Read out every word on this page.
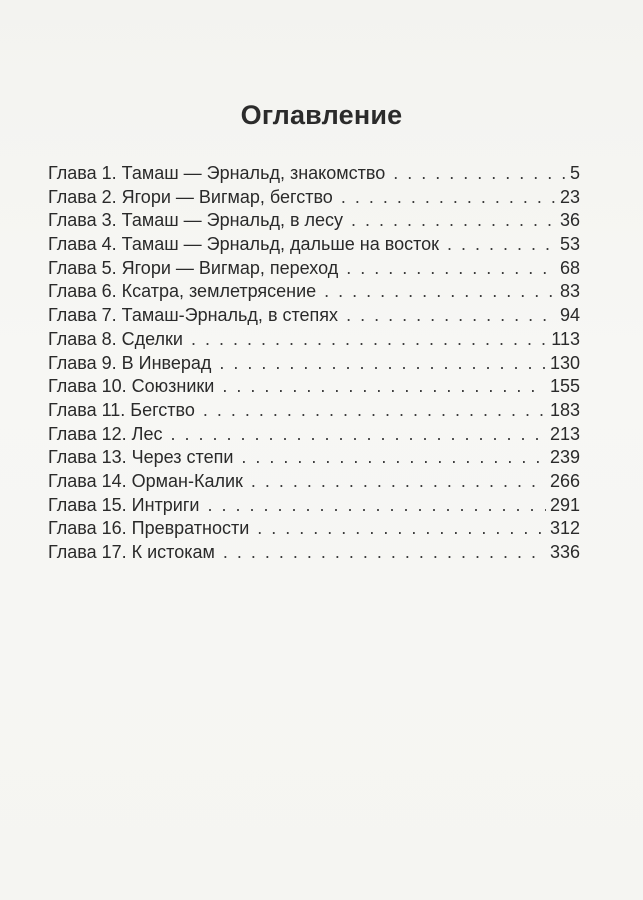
Оглавление
Глава 1. Тамаш — Эрнальд, знакомство . . .	5
Глава 2. Ягори — Вигмар, бегство . . .	23
Глава 3. Тамаш — Эрнальд, в лесу . . .	36
Глава 4. Тамаш — Эрнальд, дальше на восток . . .	53
Глава 5. Ягори — Вигмар, переход . . .	68
Глава 6. Ксатра, землетрясение . . .	83
Глава 7. Тамаш-Эрнальд, в степях . . .	94
Глава 8. Сделки . . .	113
Глава 9. В Инверад . . .	130
Глава 10. Союзники . . .	155
Глава 11. Бегство . . .	183
Глава 12. Лес . . .	213
Глава 13. Через степи . . .	239
Глава 14. Орман-Калик . . .	266
Глава 15. Интриги . . .	291
Глава 16. Превратности . . .	312
Глава 17. К истокам . . .	336
